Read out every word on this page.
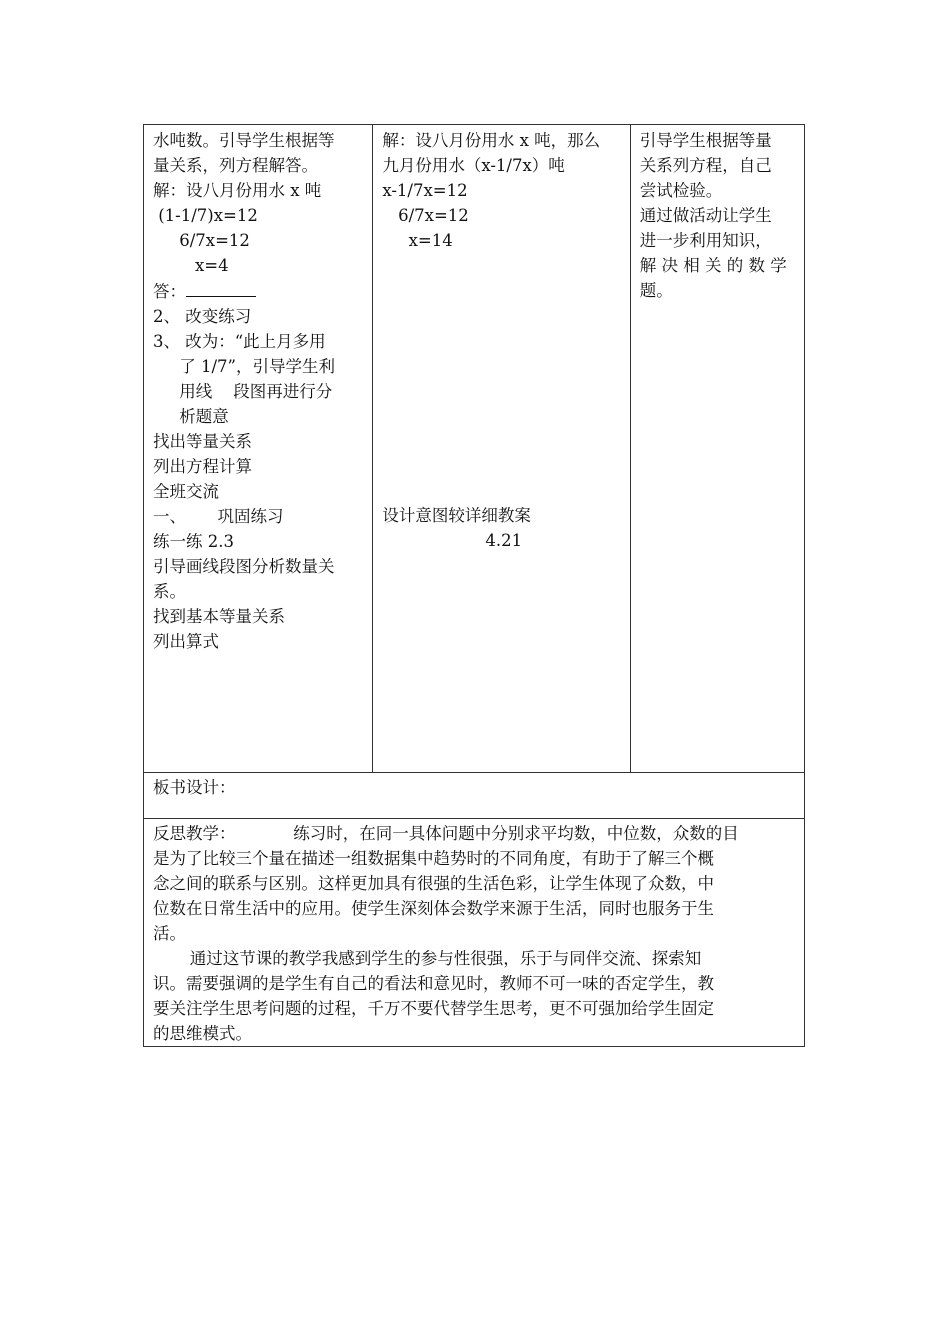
水吨数。引导学生根据等
量关系，列方程解答。
解：设八月份用水 x 吨
(1-1/7)x=12
6/7x=12
x=4
答：
2、 改变练习
3、 改为：“此上月多用
了 1/7”，引导学生利
用线    段图再进行分
析题意
找出等量关系
列出方程计算
全班交流
一、      巩固练习
练一练 2.3
引导画线段图分析数量关
系。
找到基本等量关系
列出算式

解：设八月份用水 x 吨，那么
九月份用水（x-1/7x）吨
x-1/7x=12
6/7x=12
x=14
设计意图较详细教案
4.21

引导学生根据等量
关系列方程，自己
尝试检验。
通过做活动让学生
进一步利用知识，
解 决 相 关 的 数 学
题。

板书设计：

反思教学：           练习时，在同一具体问题中分别求平均数，中位数，众数的目
是为了比较三个量在描述一组数据集中趋势时的不同角度，有助于了解三个概
念之间的联系与区别。这样更加具有很强的生活色彩，让学生体现了众数，中
位数在日常生活中的应用。使学生深刻体会数学来源于生活，同时也服务于生
活。
通过这节课的教学我感到学生的参与性很强，乐于与同伴交流、探索知
识。需要强调的是学生有自己的看法和意见时，教师不可一味的否定学生，教
要关注学生思考问题的过程，千万不要代替学生思考，更不可强加给学生固定
的思维模式。
